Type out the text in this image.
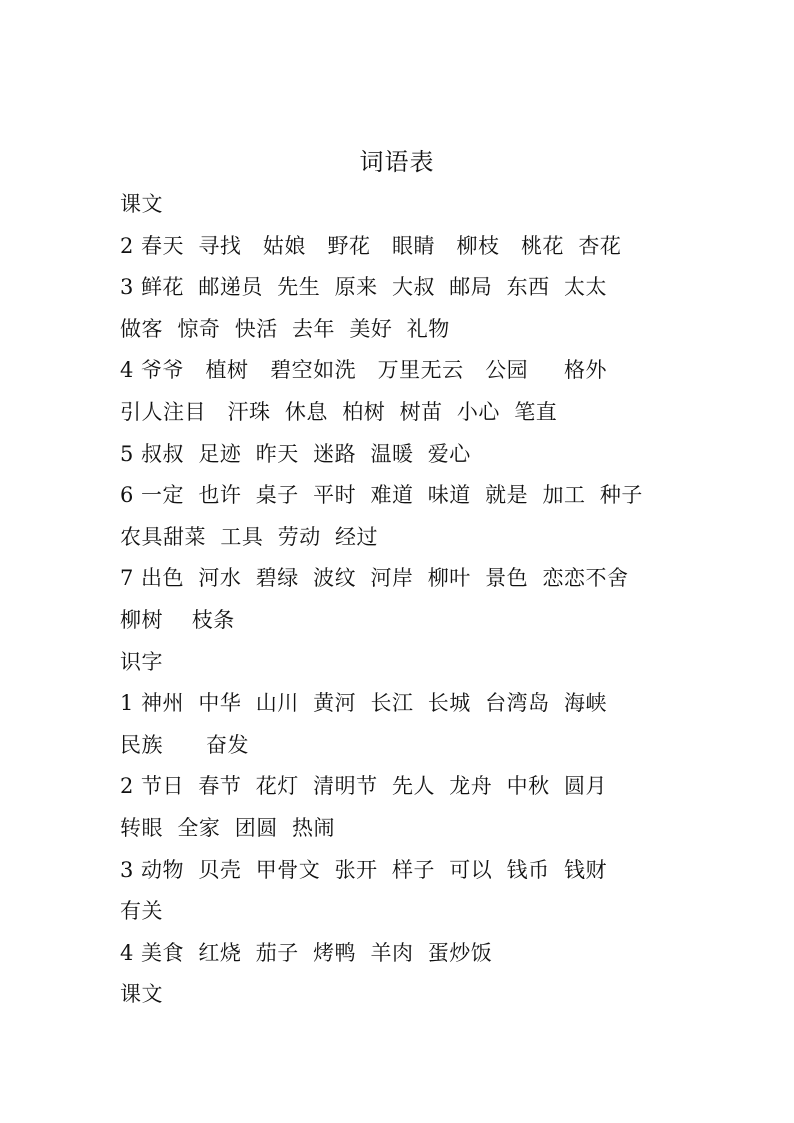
词语表
课文
2 春天  寻找   姑娘   野花   眼睛   柳枝   桃花  杏花
3 鲜花  邮递员  先生  原来  大叔  邮局  东西  太太
做客  惊奇  快活  去年  美好  礼物
4 爷爷   植树   碧空如洗   万里无云   公园     格外
引人注目   汗珠  休息  柏树  树苗  小心  笔直
5 叔叔  足迹  昨天  迷路  温暖  爱心
6 一定  也许  桌子  平时  难道  味道  就是  加工  种子
农具甜菜  工具  劳动  经过
7 出色  河水  碧绿  波纹  河岸  柳叶  景色  恋恋不舍
柳树    枝条
识字
1 神州  中华  山川  黄河  长江  长城  台湾岛  海峡
民族      奋发
2 节日  春节  花灯  清明节  先人  龙舟  中秋  圆月
转眼  全家  团圆  热闹
3 动物  贝壳  甲骨文  张开  样子  可以  钱币  钱财
有关
4 美食  红烧  茄子  烤鸭  羊肉  蛋炒饭
课文
